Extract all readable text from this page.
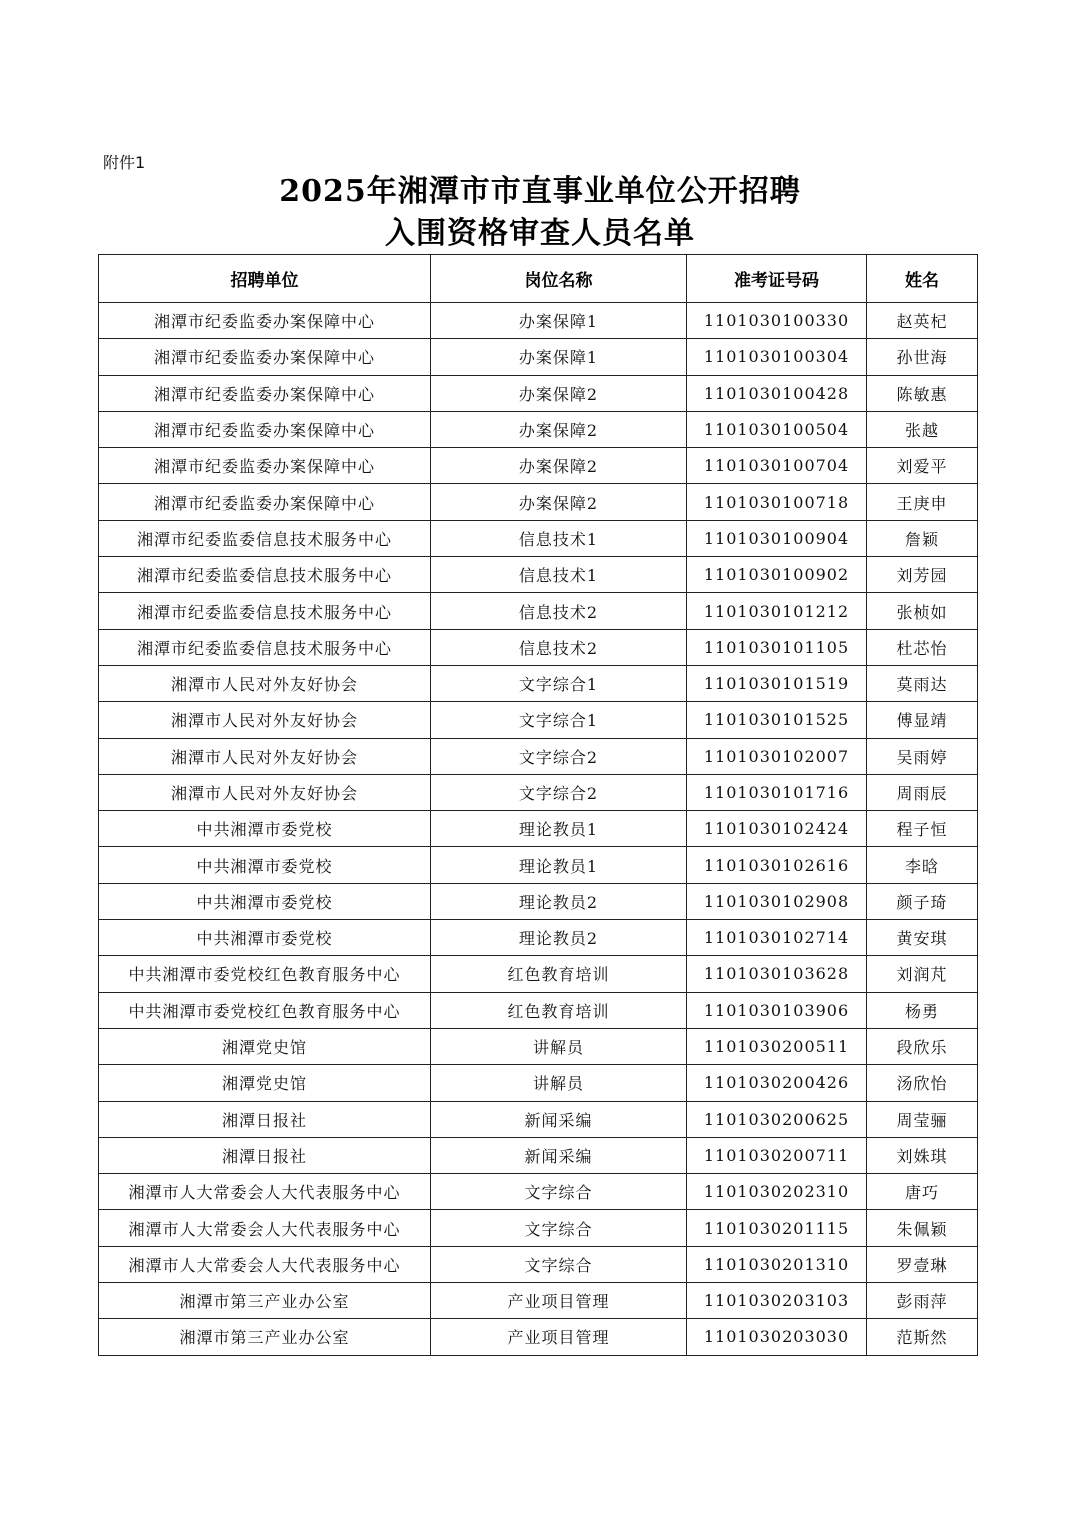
附件1
2025年湘潭市市直事业单位公开招聘
入围资格审查人员名单
招聘单位	岗位名称	准考证号码	姓名
湘潭市纪委监委办案保障中心	办案保障1	1101030100330	赵英杞
湘潭市纪委监委办案保障中心	办案保障1	1101030100304	孙世海
湘潭市纪委监委办案保障中心	办案保障2	1101030100428	陈敏惠
湘潭市纪委监委办案保障中心	办案保障2	1101030100504	张越
湘潭市纪委监委办案保障中心	办案保障2	1101030100704	刘爱平
湘潭市纪委监委办案保障中心	办案保障2	1101030100718	王庚申
湘潭市纪委监委信息技术服务中心	信息技术1	1101030100904	詹颖
湘潭市纪委监委信息技术服务中心	信息技术1	1101030100902	刘芳园
湘潭市纪委监委信息技术服务中心	信息技术2	1101030101212	张桢如
湘潭市纪委监委信息技术服务中心	信息技术2	1101030101105	杜芯怡
湘潭市人民对外友好协会	文字综合1	1101030101519	莫雨达
湘潭市人民对外友好协会	文字综合1	1101030101525	傅显靖
湘潭市人民对外友好协会	文字综合2	1101030102007	吴雨婷
湘潭市人民对外友好协会	文字综合2	1101030101716	周雨辰
中共湘潭市委党校	理论教员1	1101030102424	程子恒
中共湘潭市委党校	理论教员1	1101030102616	李晗
中共湘潭市委党校	理论教员2	1101030102908	颜子琦
中共湘潭市委党校	理论教员2	1101030102714	黄安琪
中共湘潭市委党校红色教育服务中心	红色教育培训	1101030103628	刘润芃
中共湘潭市委党校红色教育服务中心	红色教育培训	1101030103906	杨勇
湘潭党史馆	讲解员	1101030200511	段欣乐
湘潭党史馆	讲解员	1101030200426	汤欣怡
湘潭日报社	新闻采编	1101030200625	周莹骊
湘潭日报社	新闻采编	1101030200711	刘姝琪
湘潭市人大常委会人大代表服务中心	文字综合	1101030202310	唐巧
湘潭市人大常委会人大代表服务中心	文字综合	1101030201115	朱佩颖
湘潭市人大常委会人大代表服务中心	文字综合	1101030201310	罗壹琳
湘潭市第三产业办公室	产业项目管理	1101030203103	彭雨萍
湘潭市第三产业办公室	产业项目管理	1101030203030	范斯然
